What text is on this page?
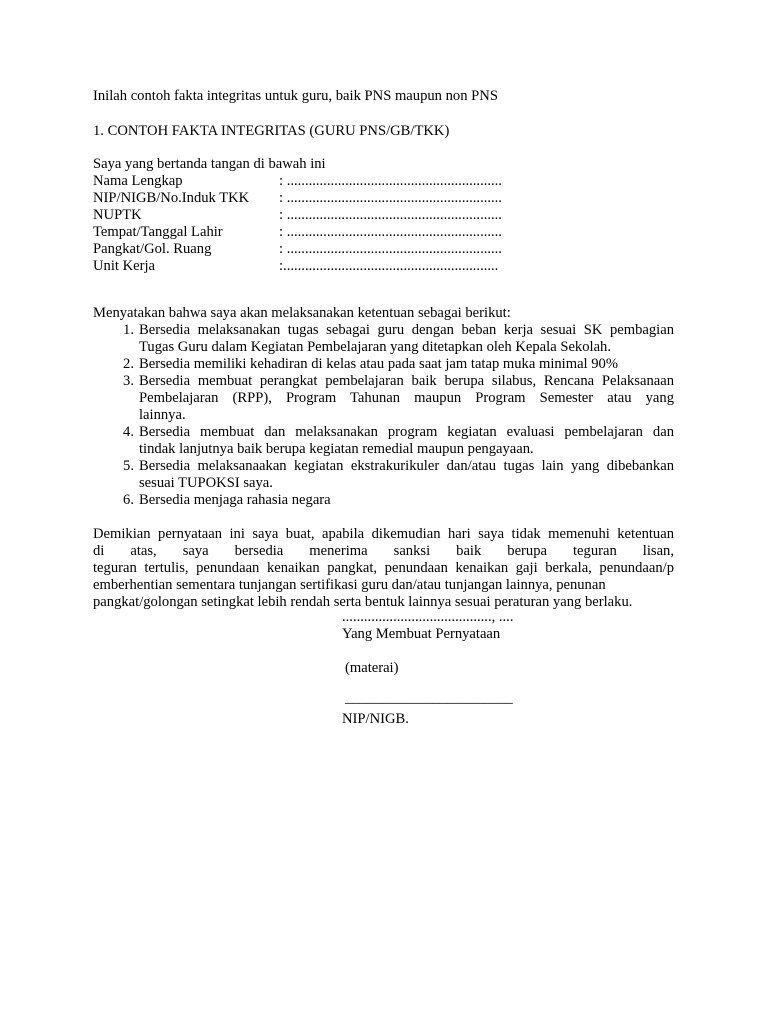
Inilah contoh fakta integritas untuk guru, baik PNS maupun non PNS
1. CONTOH FAKTA INTEGRITAS (GURU PNS/GB/TKK)
Saya yang bertanda tangan di bawah ini
Nama Lengkap	: ...........................................................
NIP/NIGB/No.Induk TKK : ...........................................................
NUPTK	: ...........................................................
Tempat/Tanggal Lahir	: ...........................................................
Pangkat/Gol. Ruang	: ...........................................................
Unit Kerja	:...........................................................
Menyatakan bahwa saya akan melaksanakan ketentuan sebagai berikut:
1. Bersedia melaksanakan tugas sebagai guru dengan beban kerja sesuai SK pembagian
Tugas Guru dalam Kegiatan Pembelajaran yang ditetapkan oleh Kepala Sekolah.
2. Bersedia memiliki kehadiran di kelas atau pada saat jam tatap muka minimal 90%
3. Bersedia membuat perangkat pembelajaran baik berupa silabus, Rencana Pelaksanaan
Pembelajaran (RPP), Program Tahunan maupun Program Semester atau yang
lainnya.
4. Bersedia membuat dan melaksanakan program kegiatan evaluasi pembelajaran dan
tindak lanjutnya baik berupa kegiatan remedial maupun pengayaan.
5. Bersedia melaksanaakan kegiatan ekstrakurikuler dan/atau tugas lain yang dibebankan
sesuai TUPOKSI saya.
6. Bersedia menjaga rahasia negara
Demikian pernyataan ini saya buat, apabila dikemudian hari saya tidak memenuhi ketentuan
di atas, saya bersedia menerima sanksi baik berupa teguran lisan,
teguran tertulis, penundaan kenaikan pangkat, penundaan kenaikan gaji berkala, penundaan/p
emberhentian sementara tunjangan sertifikasi guru dan/atau tunjangan lainnya, penunan
pangkat/golongan setingkat lebih rendah serta bentuk lainnya sesuai peraturan yang berlaku.
........................................., ....
Yang Membuat Pernyataan
(materai)
_______________________
NIP/NIGB.
